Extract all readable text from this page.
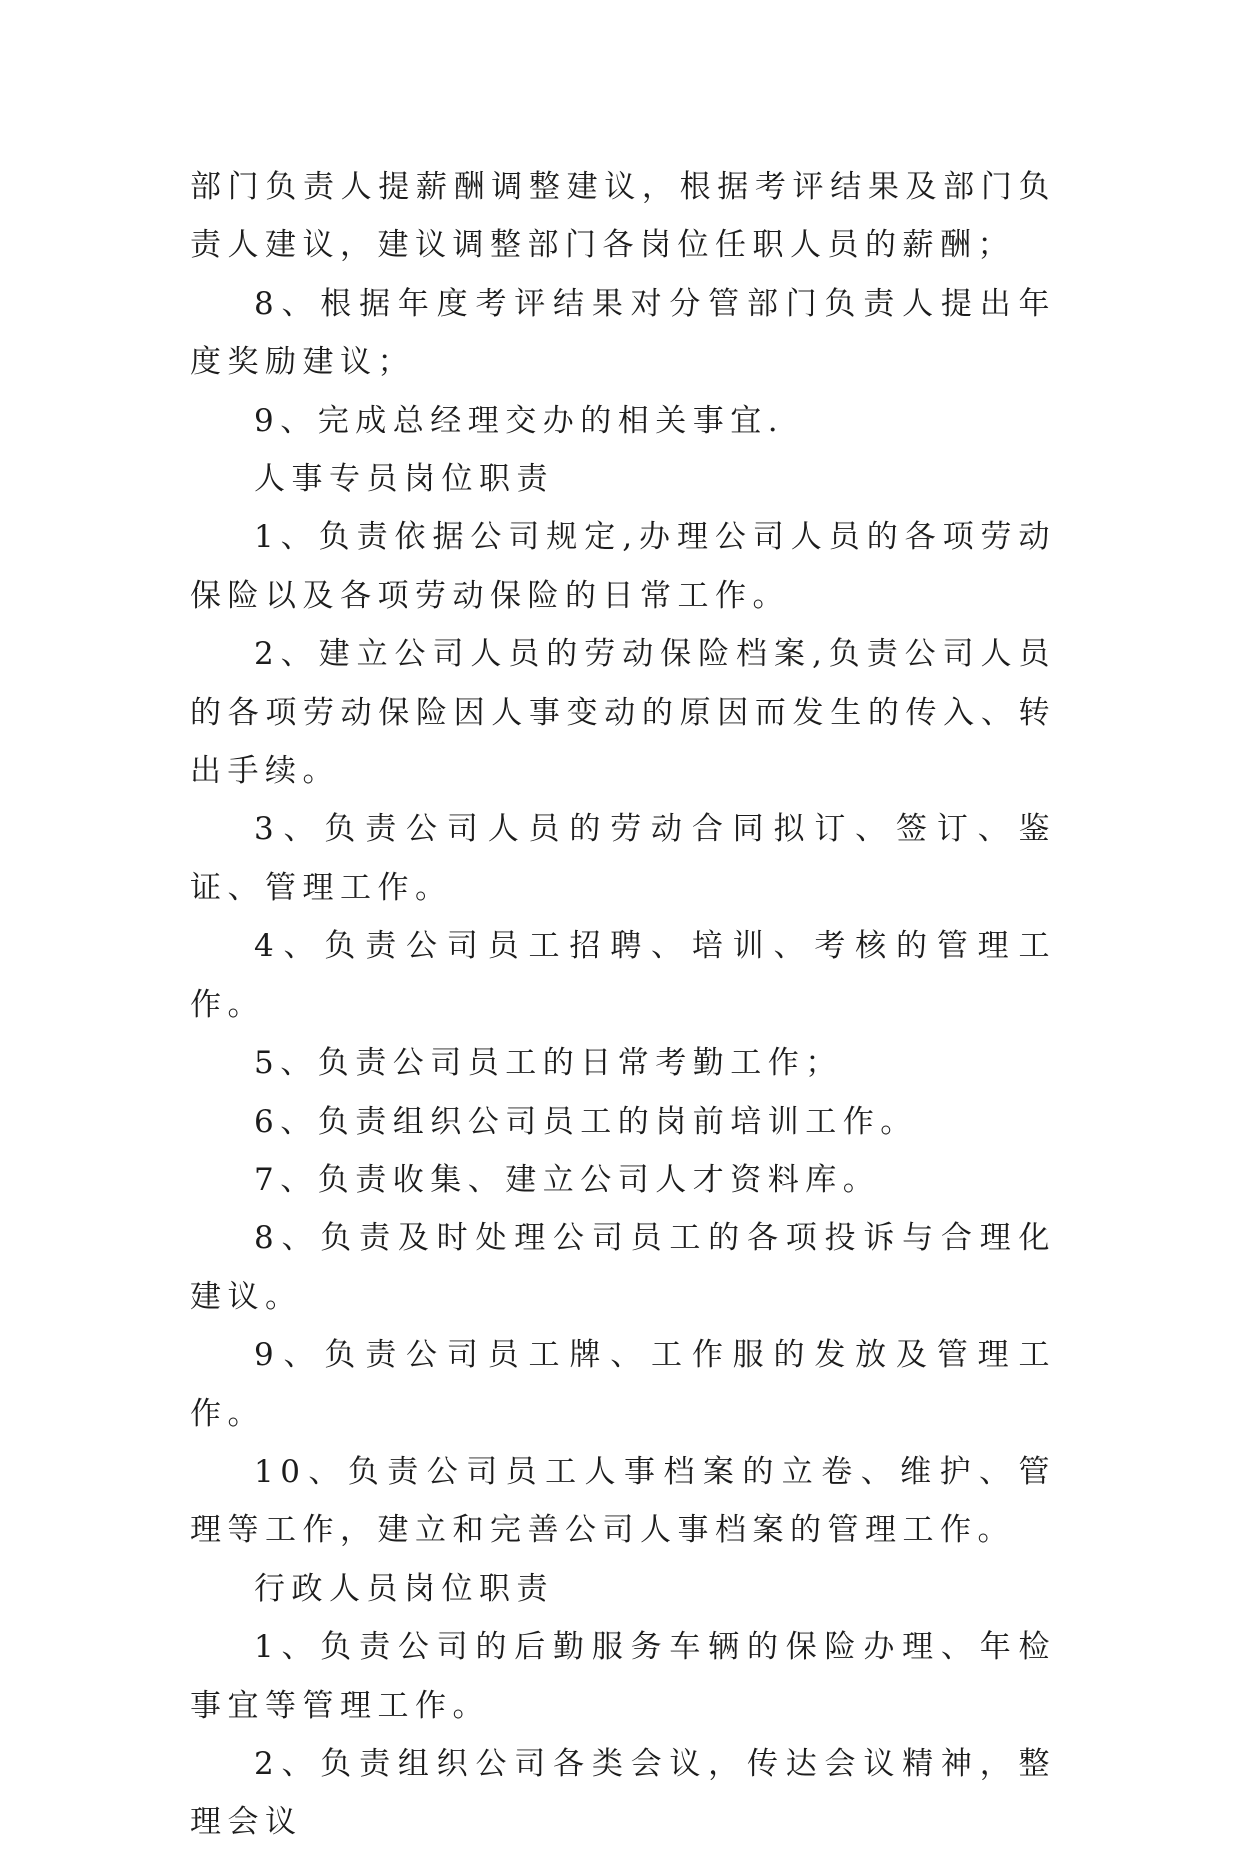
部门负责人提薪酬调整建议，根据考评结果及部门负责人建议，建议调整部门各岗位任职人员的薪酬；

8、根据年度考评结果对分管部门负责人提出年度奖励建议；

9、完成总经理交办的相关事宜.

人事专员岗位职责

1、负责依据公司规定,办理公司人员的各项劳动保险以及各项劳动保险的日常工作。

2、建立公司人员的劳动保险档案,负责公司人员的各项劳动保险因人事变动的原因而发生的传入、转出手续。

3、负责公司人员的劳动合同拟订、签订、鉴证、管理工作。

4、负责公司员工招聘、培训、考核的管理工作。

5、负责公司员工的日常考勤工作；

6、负责组织公司员工的岗前培训工作。

7、负责收集、建立公司人才资料库。

8、负责及时处理公司员工的各项投诉与合理化建议。

9、负责公司员工牌、工作服的发放及管理工作。

10、负责公司员工人事档案的立卷、维护、管理等工作，建立和完善公司人事档案的管理工作。

行政人员岗位职责

1、负责公司的后勤服务车辆的保险办理、年检事宜等管理工作。

2、负责组织公司各类会议，传达会议精神，整理会议
